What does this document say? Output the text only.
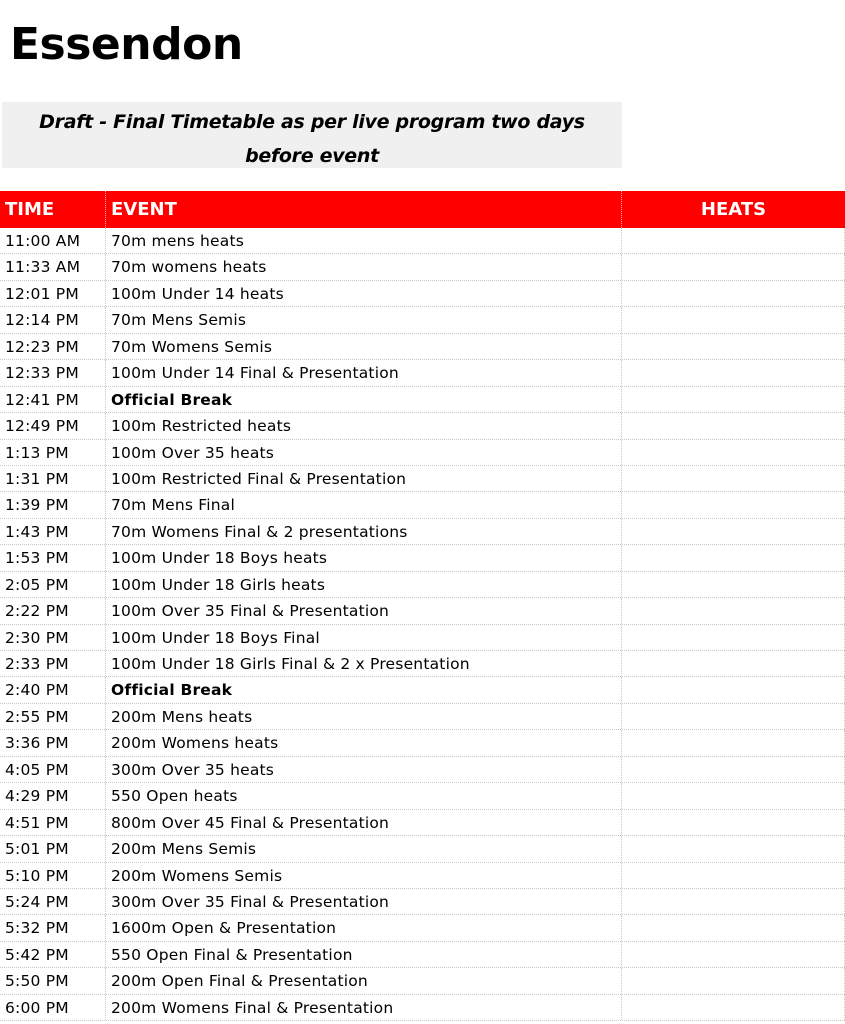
Essendon
Draft - Final Timetable as per live program two days
before event
TIME	EVENT	HEATS
11:00 AM	70m mens heats
11:33 AM	70m womens heats
12:01 PM	100m Under 14 heats
12:14 PM	70m Mens Semis
12:23 PM	70m Womens Semis
12:33 PM	100m Under 14 Final & Presentation
12:41 PM	Official Break
12:49 PM	100m Restricted heats
1:13 PM	100m Over 35 heats
1:31 PM	100m Restricted Final & Presentation
1:39 PM	70m Mens Final
1:43 PM	70m Womens Final & 2 presentations
1:53 PM	100m Under 18 Boys heats
2:05 PM	100m Under 18 Girls heats
2:22 PM	100m Over 35 Final & Presentation
2:30 PM	100m Under 18 Boys Final
2:33 PM	100m Under 18 Girls Final & 2 x Presentation
2:40 PM	Official Break
2:55 PM	200m Mens heats
3:36 PM	200m Womens heats
4:05 PM	300m Over 35 heats
4:29 PM	550 Open heats
4:51 PM	800m Over 45 Final & Presentation
5:01 PM	200m Mens Semis
5:10 PM	200m Womens Semis
5:24 PM	300m Over 35 Final & Presentation
5:32 PM	1600m Open & Presentation
5:42 PM	550 Open Final & Presentation
5:50 PM	200m Open Final & Presentation
6:00 PM	200m Womens Final & Presentation
